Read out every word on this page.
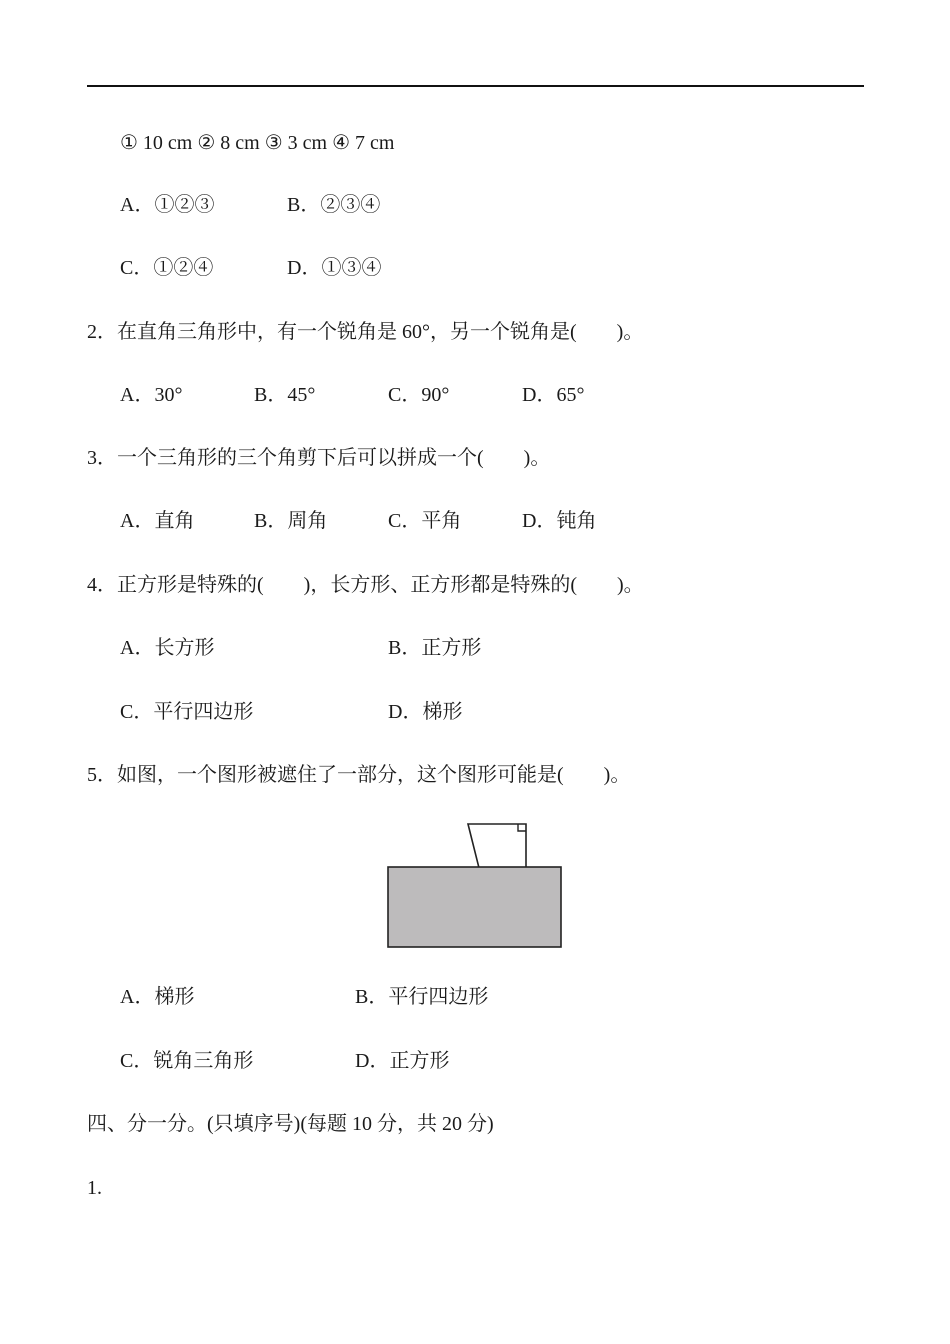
① 10 cm ② 8 cm ③ 3 cm ④ 7 cm
A．①②③	B．②③④
C．①②④	D．①③④
2．在直角三角形中，有一个锐角是 60°，另一个锐角是(　　)。
A．30°	B．45°	C．90°	D．65°
3．一个三角形的三个角剪下后可以拼成一个(　　)。
A．直角	B．周角	C．平角	D．钝角
4．正方形是特殊的(　　)，长方形、正方形都是特殊的(　　)。
A．长方形	B．正方形
C．平行四边形	D．梯形
5．如图，一个图形被遮住了一部分，这个图形可能是(　　)。
A．梯形	B．平行四边形
C．锐角三角形	D．正方形
四、分一分。(只填序号)(每题 10 分，共 20 分)
1.
